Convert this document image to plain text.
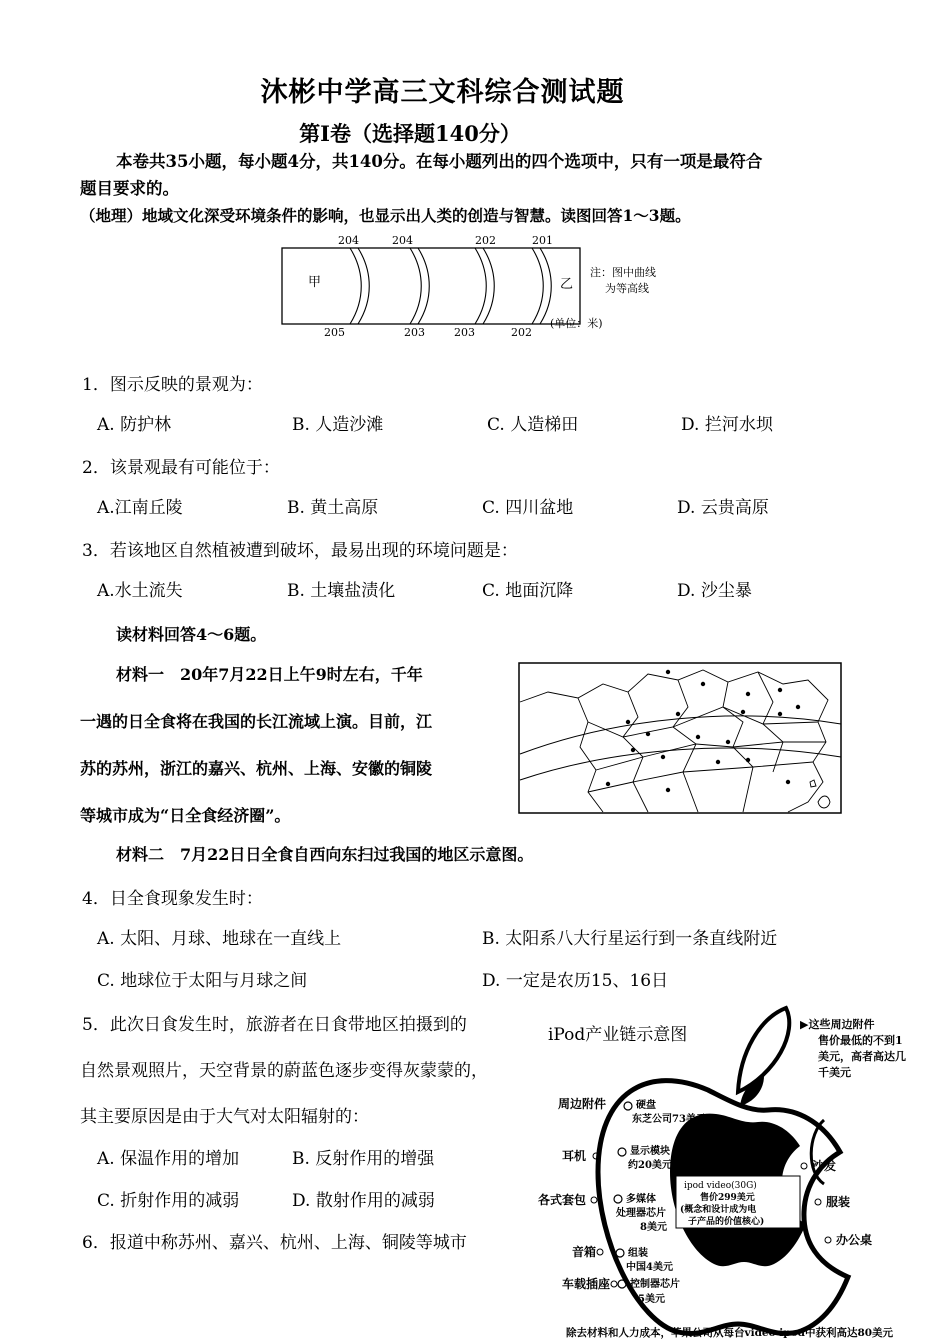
沐彬中学高三文科综合测试题
第Ⅰ卷（选择题140分）
本卷共35小题，每小题4分，共140分。在每小题列出的四个选项中，只有一项是最符合
题目要求的。
（地理）地域文化深受环境条件的影响，也显示出人类的创造与智慧。读图回答1～3题。
204	204	202	201
205	203	203	202
甲	乙
注：图中曲线
为等高线
(单位：米)
1．图示反映的景观为：
A. 防护林	B. 人造沙滩	C. 人造梯田	D. 拦河水坝
2．该景观最有可能位于：
A.江南丘陵	B. 黄土高原	C. 四川盆地	D. 云贵高原
3．若该地区自然植被遭到破坏，最易出现的环境问题是：
A.水土流失	B. 土壤盐渍化	C. 地面沉降	D. 沙尘暴
读材料回答4～6题。
材料一　20年7月22日上午9时左右，千年
一遇的日全食将在我国的长江流域上演。目前，江
苏的苏州，浙江的嘉兴、杭州、上海、安徽的铜陵
等城市成为“日全食经济圈”。
材料二　7月22日日全食自西向东扫过我国的地区示意图。
4．日全食现象发生时：
A. 太阳、月球、地球在一直线上	B. 太阳系八大行星运行到一条直线附近
C. 地球位于太阳与月球之间	D. 一定是农历15、16日
5．此次日食发生时，旅游者在日食带地区拍摄到的
自然景观照片，天空背景的蔚蓝色逐步变得灰蒙蒙的，
其主要原因是由于大气对太阳辐射的：
A. 保温作用的增加	B. 反射作用的增强
C. 折射作用的减弱	D. 散射作用的减弱
6．报道中称苏州、嘉兴、杭州、上海、铜陵等城市
ipod video(30G)
售价299美元
(概念和设计成为电
子产品的价值核心)
iPod产业链示意图
▶这些周边附件
售价最低的不到1
美元，高者高达几
千美元
周边附件
耳机
各式套包
音箱
车载插座
硬盘
东芝公司73美元
显示模块
约20美元
多媒体
处理器芯片
8美元
组装
中国4美元
控制器芯片
5美元
沙发
服装
办公桌
除去材料和人力成本，苹果公司从每台video ipod中获利高达80美元
